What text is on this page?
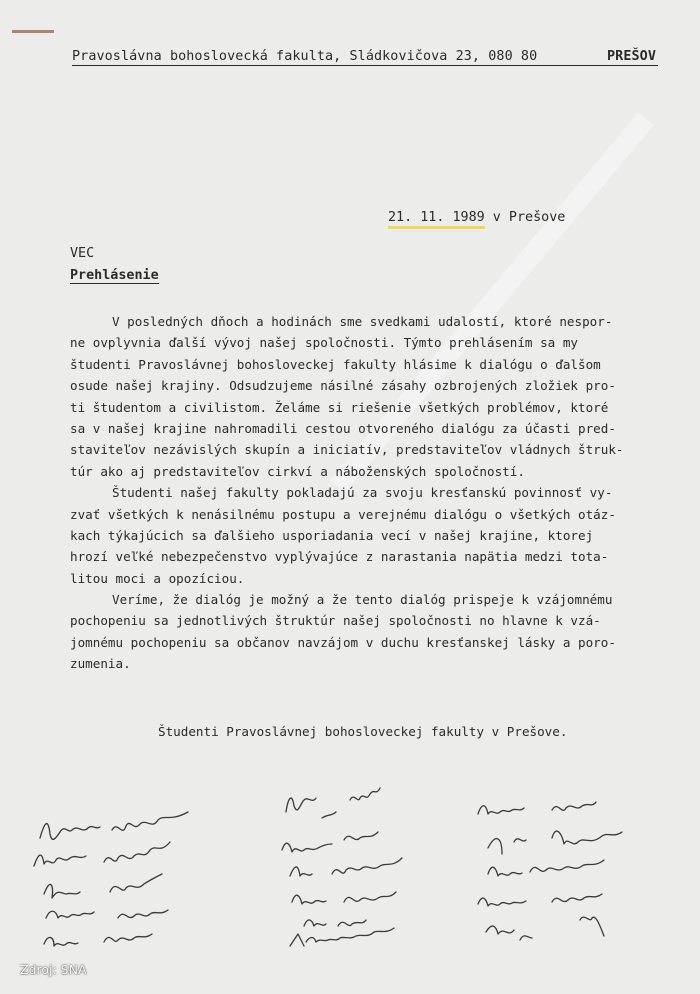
Pravoslávna bohoslovecká fakulta, Sládkovičova 23, 080 80	PREŠOV
21. 11. 1989 v Prešove
VEC
Prehlásenie
V posledných dňoch a hodinách sme svedkami udalostí, ktoré nespor-
ne ovplyvnia ďalší vývoj našej spoločnosti. Týmto prehlásením sa my
študenti Pravoslávnej bohosloveckej fakulty hlásime k dialógu o ďalšom
osude našej krajiny. Odsudzujeme násilné zásahy ozbrojených zložiek pro-
ti študentom a civilistom. Želáme si riešenie všetkých problémov, ktoré
sa v našej krajine nahromadili cestou otvoreného dialógu za účasti pred-
staviteľov nezávislých skupín a iniciatív, predstaviteľov vládnych štruk-
túr ako aj predstaviteľov cirkví a náboženských spoločností.
Študenti našej fakulty pokladajú za svoju kresťanskú povinnosť vy-
zvať všetkých k nenásilnému postupu a verejnému dialógu o všetkých otáz-
kach týkajúcich sa ďalšieho usporiadania vecí v našej krajine, ktorej
hrozí veľké nebezpečenstvo vyplývajúce z narastania napätia medzi tota-
litou moci a opozíciou.
Veríme, že dialóg je možný a že tento dialóg prispeje k vzájomnému
pochopeniu sa jednotlivých štruktúr našej spoločnosti no hlavne k vzá-
jomnému pochopeniu sa občanov navzájom v duchu kresťanskej lásky a poro-
zumenia.
Študenti Pravoslávnej bohosloveckej fakulty v Prešove.
Zdroj: SNA
